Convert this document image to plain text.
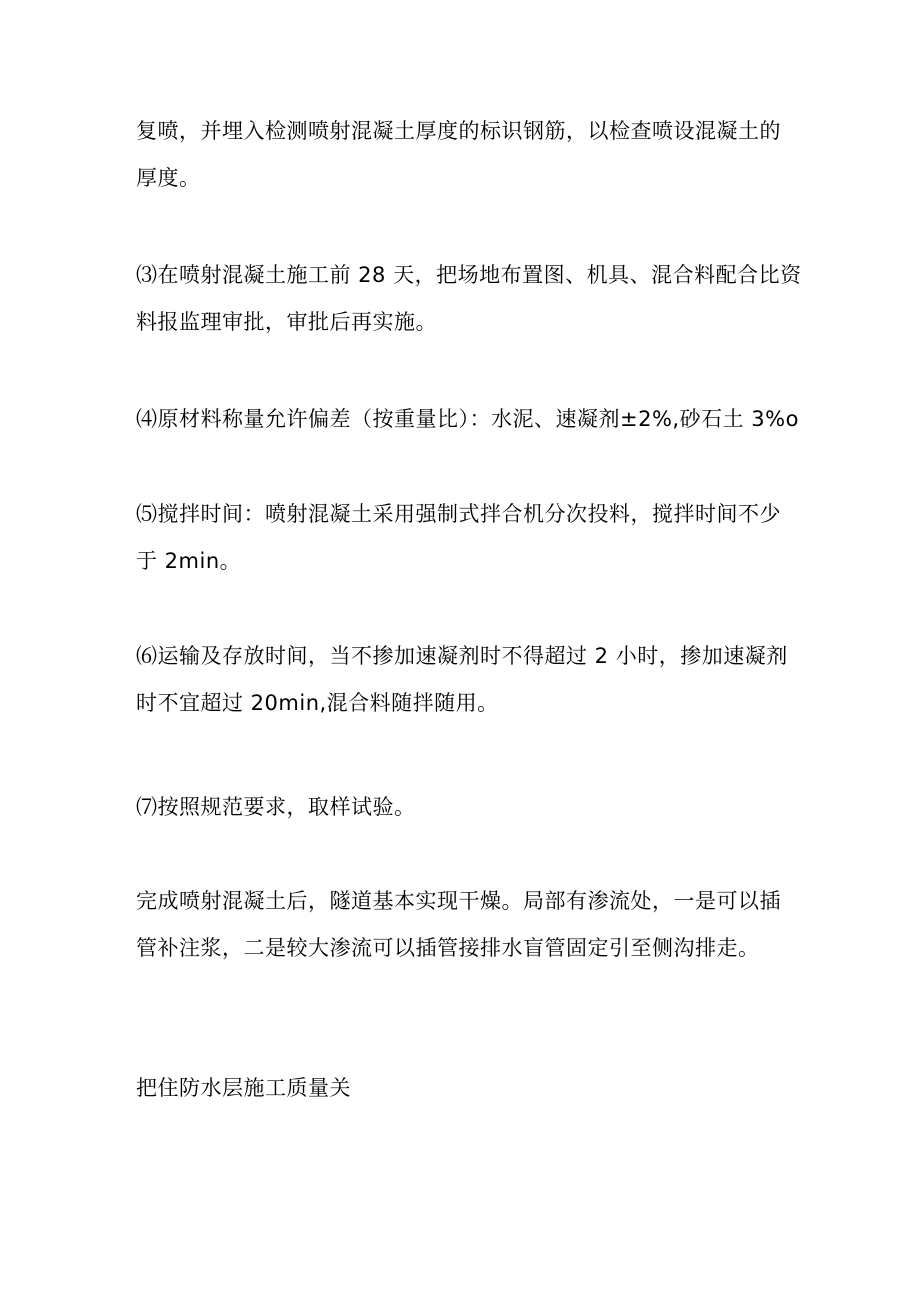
复喷，并埋入检测喷射混凝土厚度的标识钢筋，以检查喷设混凝土的
厚度。

⑶在喷射混凝土施工前 28 天，把场地布置图、机具、混合料配合比资
料报监理审批，审批后再实施。

⑷原材料称量允许偏差（按重量比）：水泥、速凝剂±2%,砂石土 3%o

⑸搅拌时间：喷射混凝土采用强制式拌合机分次投料，搅拌时间不少
于 2min。

⑹运输及存放时间，当不掺加速凝剂时不得超过 2 小时，掺加速凝剂
时不宜超过 20min,混合料随拌随用。

⑺按照规范要求，取样试验。

完成喷射混凝土后，隧道基本实现干燥。局部有渗流处，一是可以插
管补注浆，二是较大渗流可以插管接排水盲管固定引至侧沟排走。

把住防水层施工质量关
